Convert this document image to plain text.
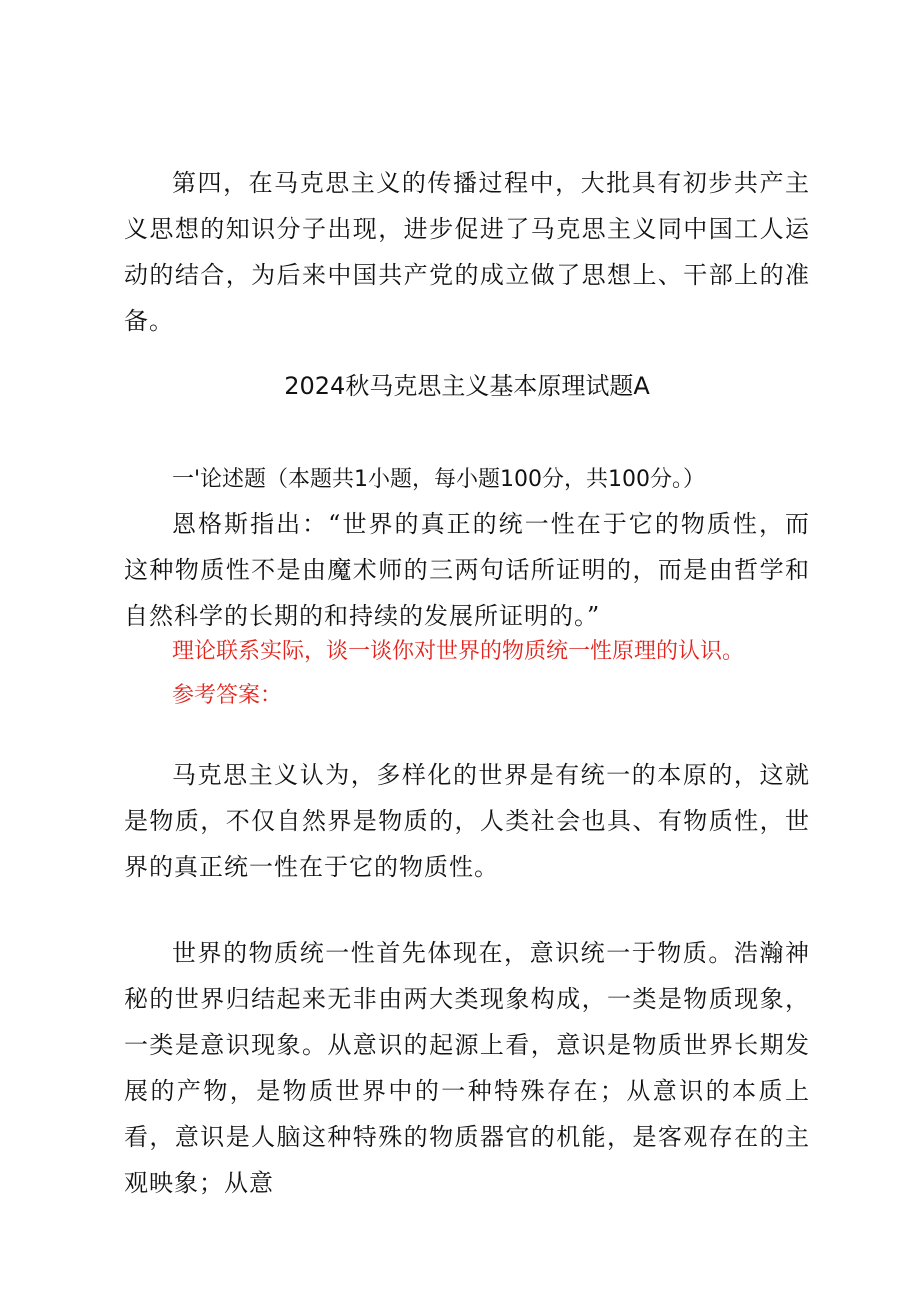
第四，在马克思主义的传播过程中，大批具有初步共产主义思想的知识分子出现，进步促进了马克思主义同中国工人运动的结合，为后来中国共产党的成立做了思想上、干部上的准备。

2024秋马克思主义基本原理试题A

一'论述题（本题共1小题，每小题100分，共100分。）

恩格斯指出：“世界的真正的统一性在于它的物质性，而这种物质性不是由魔术师的三两句话所证明的，而是由哲学和自然科学的长期的和持续的发展所证明的。”

理论联系实际，谈一谈你对世界的物质统一性原理的认识。

参考答案：

马克思主义认为，多样化的世界是有统一的本原的，这就是物质，不仅自然界是物质的，人类社会也具、有物质性，世界的真正统一性在于它的物质性。

世界的物质统一性首先体现在，意识统一于物质。浩瀚神秘的世界归结起来无非由两大类现象构成，一类是物质现象，一类是意识现象。从意识的起源上看，意识是物质世界长期发展的产物，是物质世界中的一种特殊存在；从意识的本质上看，意识是人脑这种特殊的物质器官的机能，是客观存在的主观映象；从意
